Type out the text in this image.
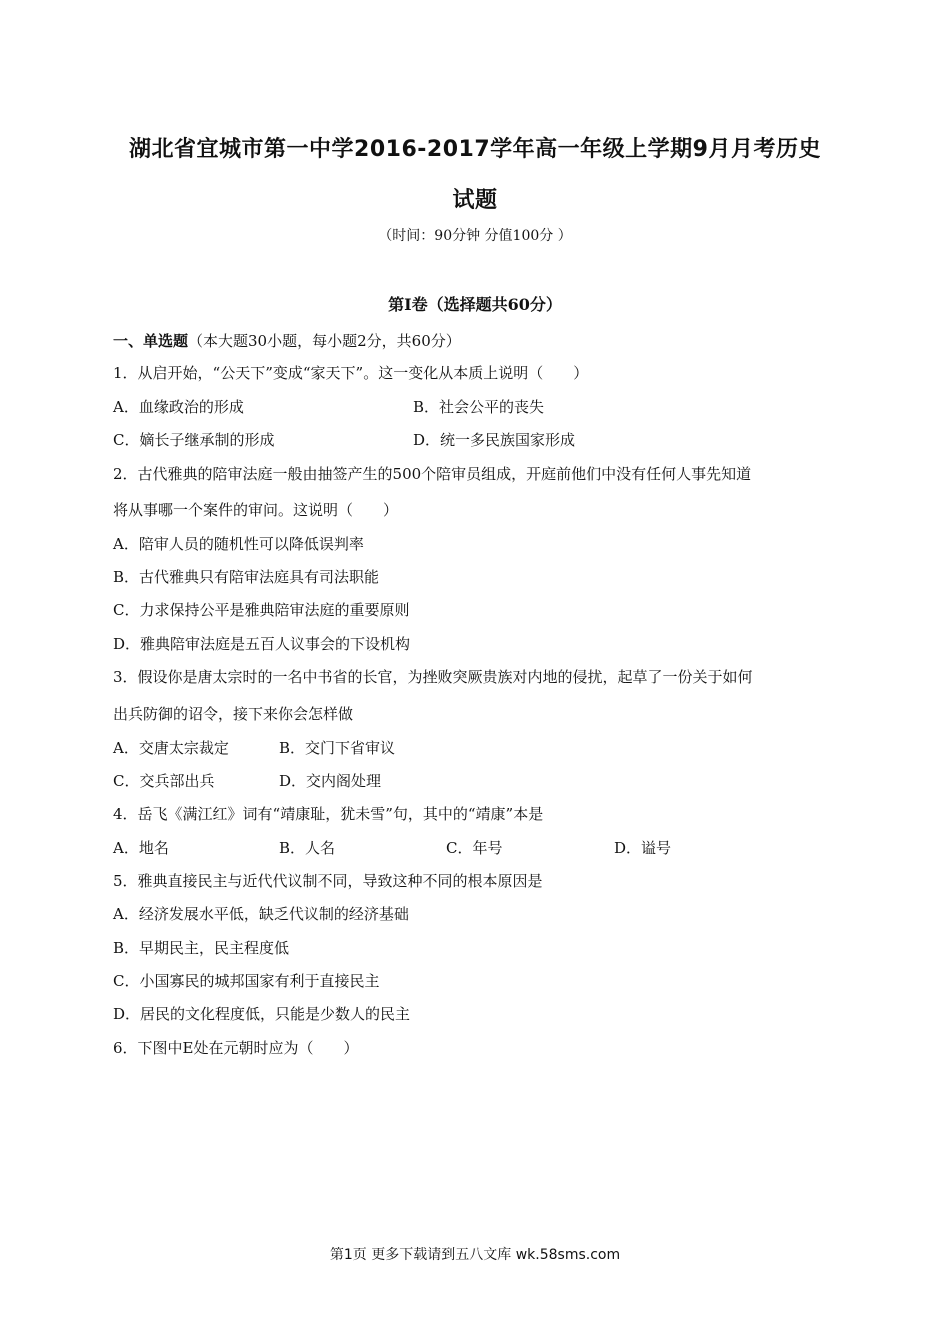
湖北省宜城市第一中学2016-2017学年高一年级上学期9月月考历史
试题
（时间：90分钟 分值100分 ）
第Ⅰ卷（选择题共60分）
一、单选题（本大题30小题，每小题2分，共60分）
1．从启开始，“公天下”变成“家天下”。这一变化从本质上说明（　　）
A．血缘政治的形成	B．社会公平的丧失
C．嫡长子继承制的形成	D．统一多民族国家形成
2．古代雅典的陪审法庭一般由抽签产生的500个陪审员组成，开庭前他们中没有任何人事先知道
将从事哪一个案件的审问。这说明（　　）
A．陪审人员的随机性可以降低误判率
B．古代雅典只有陪审法庭具有司法职能
C．力求保持公平是雅典陪审法庭的重要原则
D．雅典陪审法庭是五百人议事会的下设机构
3．假设你是唐太宗时的一名中书省的长官，为挫败突厥贵族对内地的侵扰，起草了一份关于如何
出兵防御的诏令，接下来你会怎样做
A．交唐太宗裁定	B．交门下省审议
C．交兵部出兵	D．交内阁处理
4．岳飞《满江红》词有“靖康耻，犹未雪”句，其中的“靖康”本是
A．地名	B．人名	C．年号	D．谥号
5．雅典直接民主与近代代议制不同，导致这种不同的根本原因是
A．经济发展水平低，缺乏代议制的经济基础
B．早期民主，民主程度低
C．小国寡民的城邦国家有利于直接民主
D．居民的文化程度低，只能是少数人的民主
6．下图中E处在元朝时应为（　　）
第1页 更多下载请到五八文库 wk.58sms.com
